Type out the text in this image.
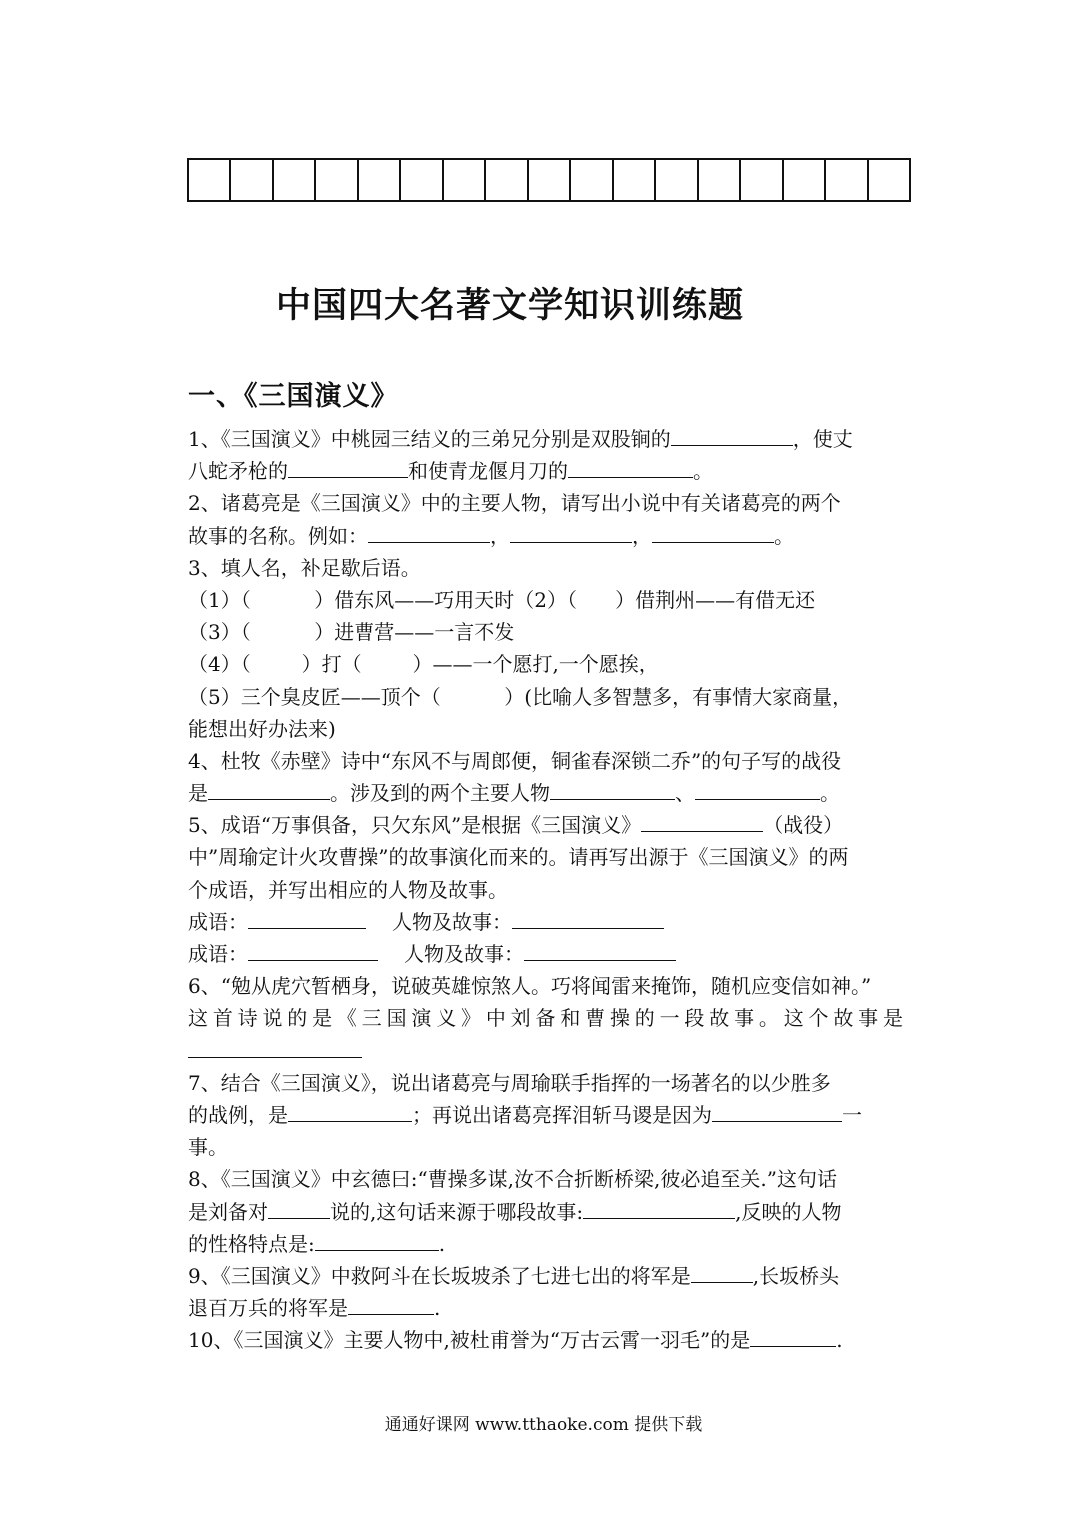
中国四大名著文学知识训练题
一、《三国演义》
1、《三国演义》中桃园三结义的三弟兄分别是双股锏的	，使丈
八蛇矛枪的	和使青龙偃月刀的	。
2、诸葛亮是《三国演义》中的主要人物，请写出小说中有关诸葛亮的两个
故事的名称。例如：	，	，	。
3、填人名，补足歇后语。
（1）（          ）借东风——巧用天时（2）（      ）借荆州——有借无还
（3）（          ）进曹营——一言不发
（4）（        ）打（        ）——一个愿打,一个愿挨，
（5）三个臭皮匠——顶个（          ）(比喻人多智慧多，有事情大家商量，
能想出好办法来)
4、杜牧《赤壁》诗中“东风不与周郎便，铜雀春深锁二乔”的句子写的战役
是	。涉及到的两个主要人物	、	。
5、成语“万事俱备，只欠东风”是根据《三国演义》	（战役）
中”周瑜定计火攻曹操”的故事演化而来的。请再写出源于《三国演义》的两
个成语，并写出相应的人物及故事。
成语：	人物及故事：
成语：	人物及故事：
6、“勉从虎穴暂栖身，说破英雄惊煞人。巧将闻雷来掩饰，随机应变信如神。”
这首诗说的是《三国演义》中刘备和曹操的一段故事。这个故事是
7、结合《三国演义》，说出诸葛亮与周瑜联手指挥的一场著名的以少胜多
的战例，是	；再说出诸葛亮挥泪斩马谡是因为	一
事。
8、《三国演义》中玄德曰:“曹操多谋,汝不合折断桥梁,彼必追至关.”这句话
是刘备对	说的,这句话来源于哪段故事:	,反映的人物
的性格特点是:	.
9、《三国演义》中救阿斗在长坂坡杀了七进七出的将军是	,长坂桥头
退百万兵的将军是	.
10、《三国演义》主要人物中,被杜甫誉为“万古云霄一羽毛”的是	.
通通好课网 www.tthaoke.com 提供下载
